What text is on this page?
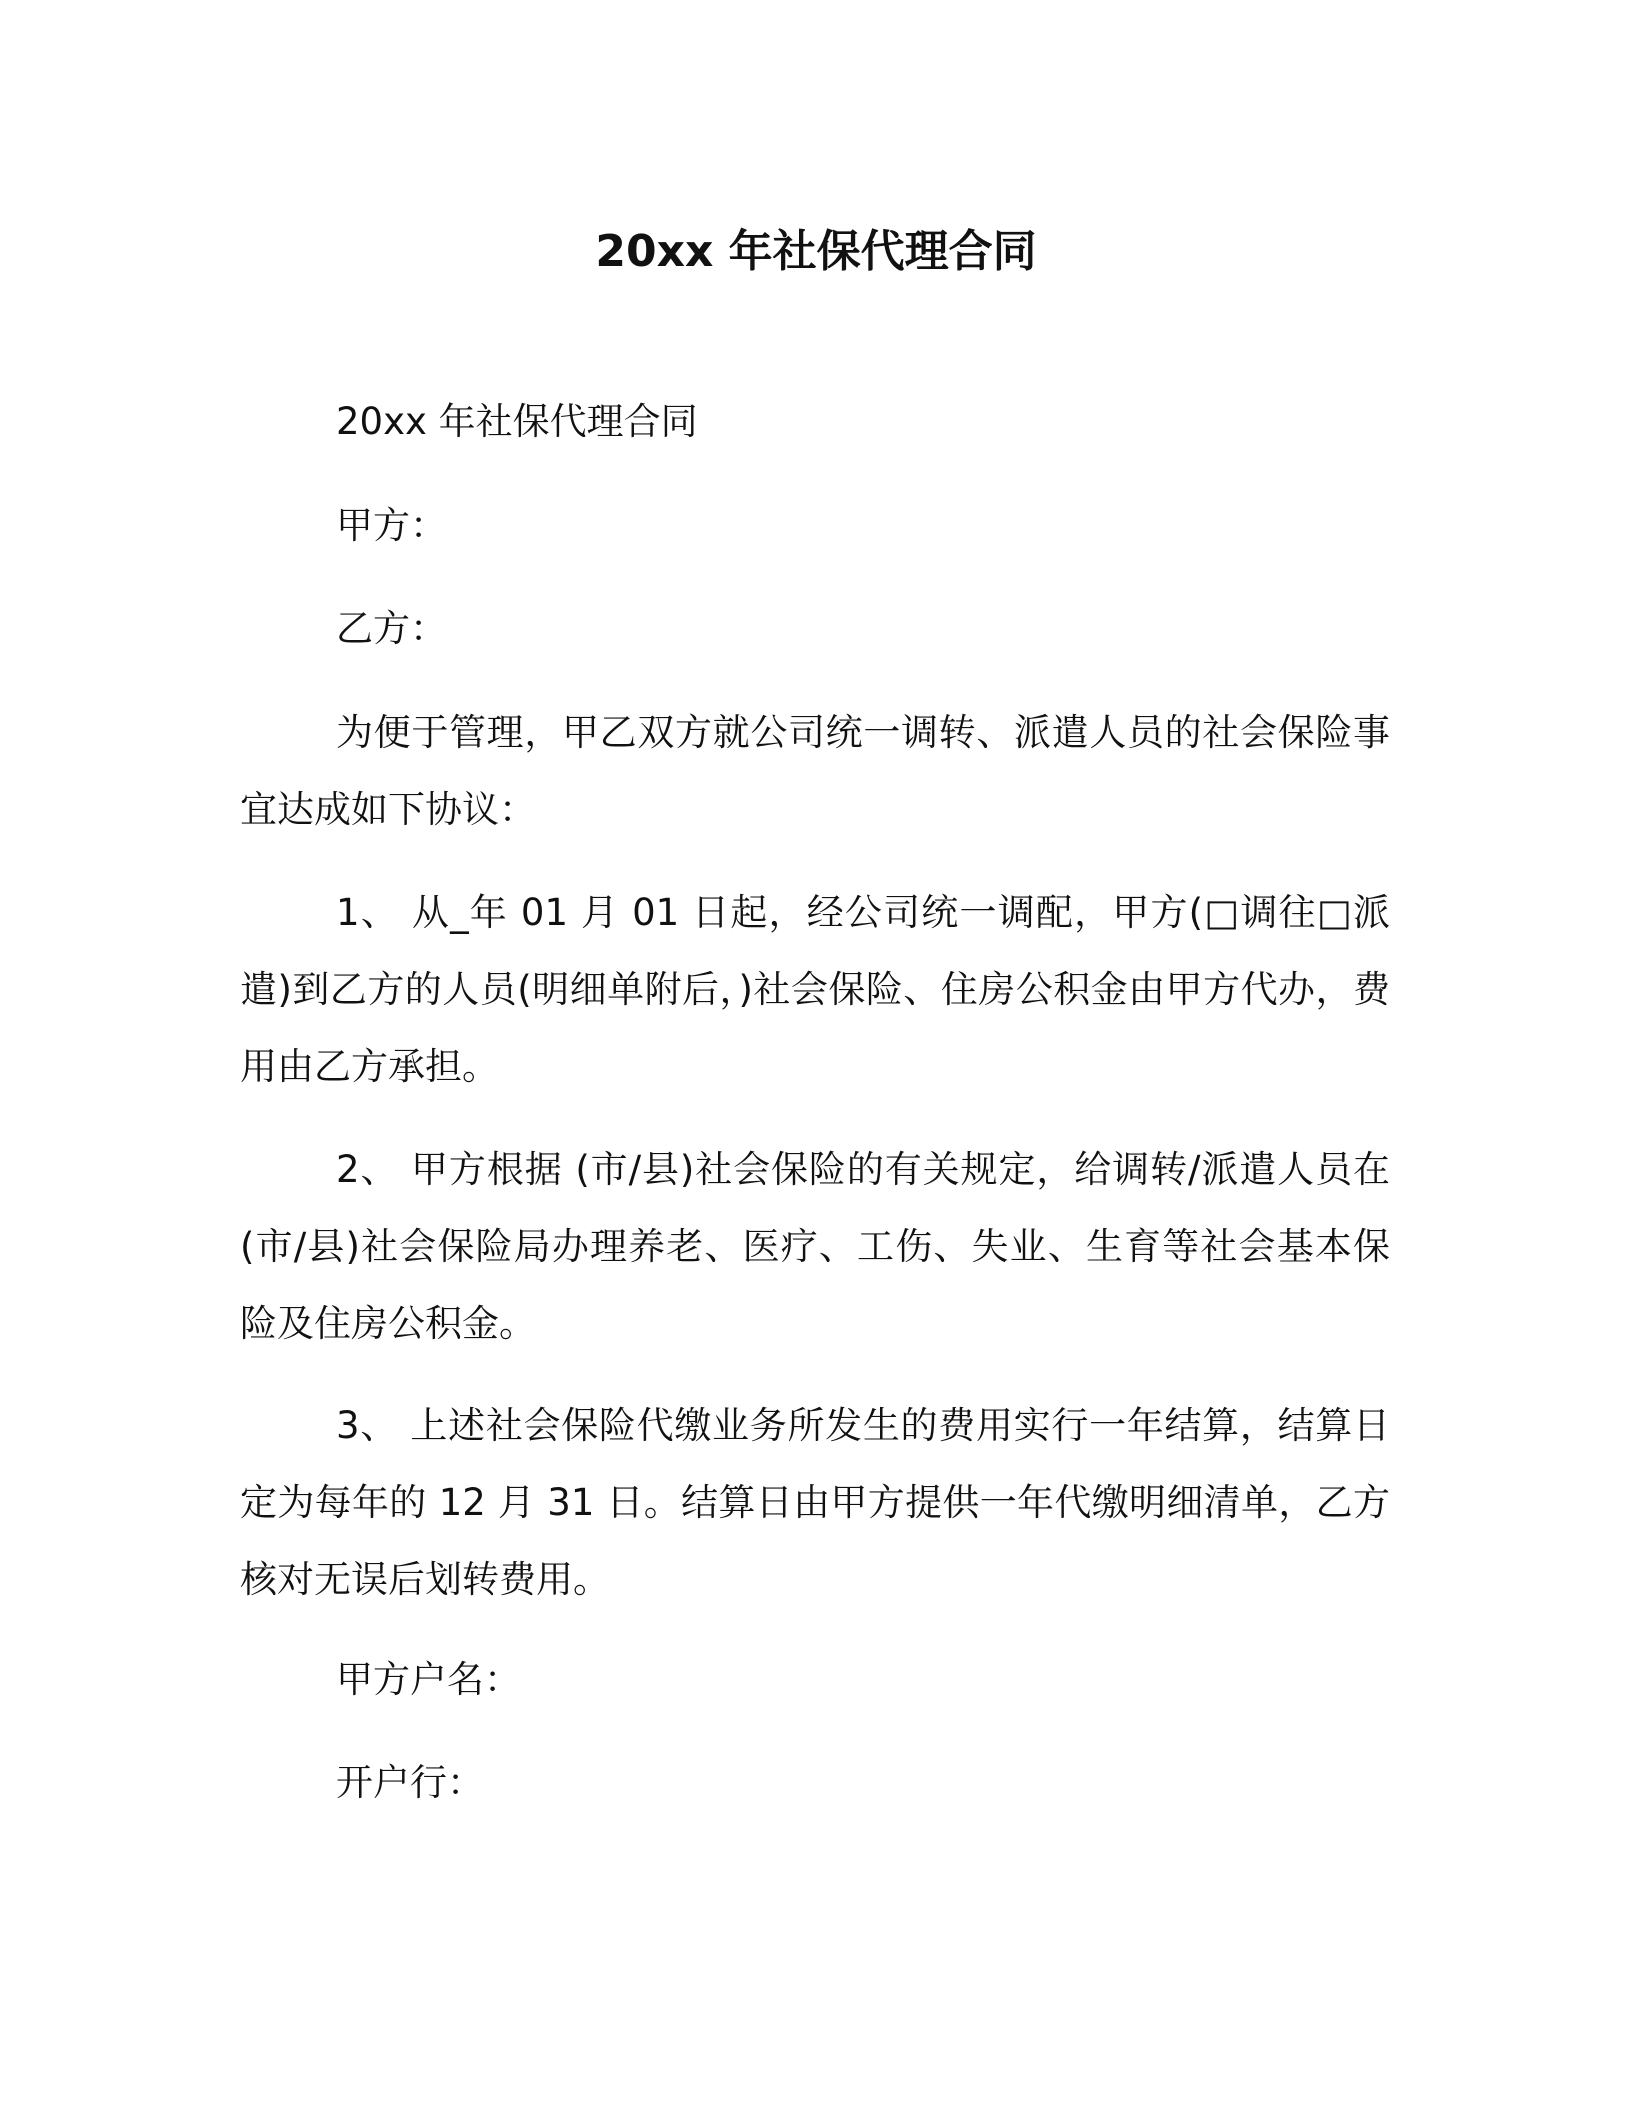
20xx 年社保代理合同
20xx 年社保代理合同
甲方：
乙方：
为便于管理，甲乙双方就公司统一调转、派遣人员的社会保险事宜达成如下协议：
1、 从_年 01 月 01 日起，经公司统一调配，甲方(□调往□派遣)到乙方的人员(明细单附后，)社会保险、住房公积金由甲方代办，费用由乙方承担。
2、 甲方根据 (市/县)社会保险的有关规定，给调转/派遣人员在(市/县)社会保险局办理养老、医疗、工伤、失业、生育等社会基本保险及住房公积金。
3、 上述社会保险代缴业务所发生的费用实行一年结算，结算日定为每年的 12 月 31 日。结算日由甲方提供一年代缴明细清单，乙方核对无误后划转费用。
甲方户名：
开户行：
